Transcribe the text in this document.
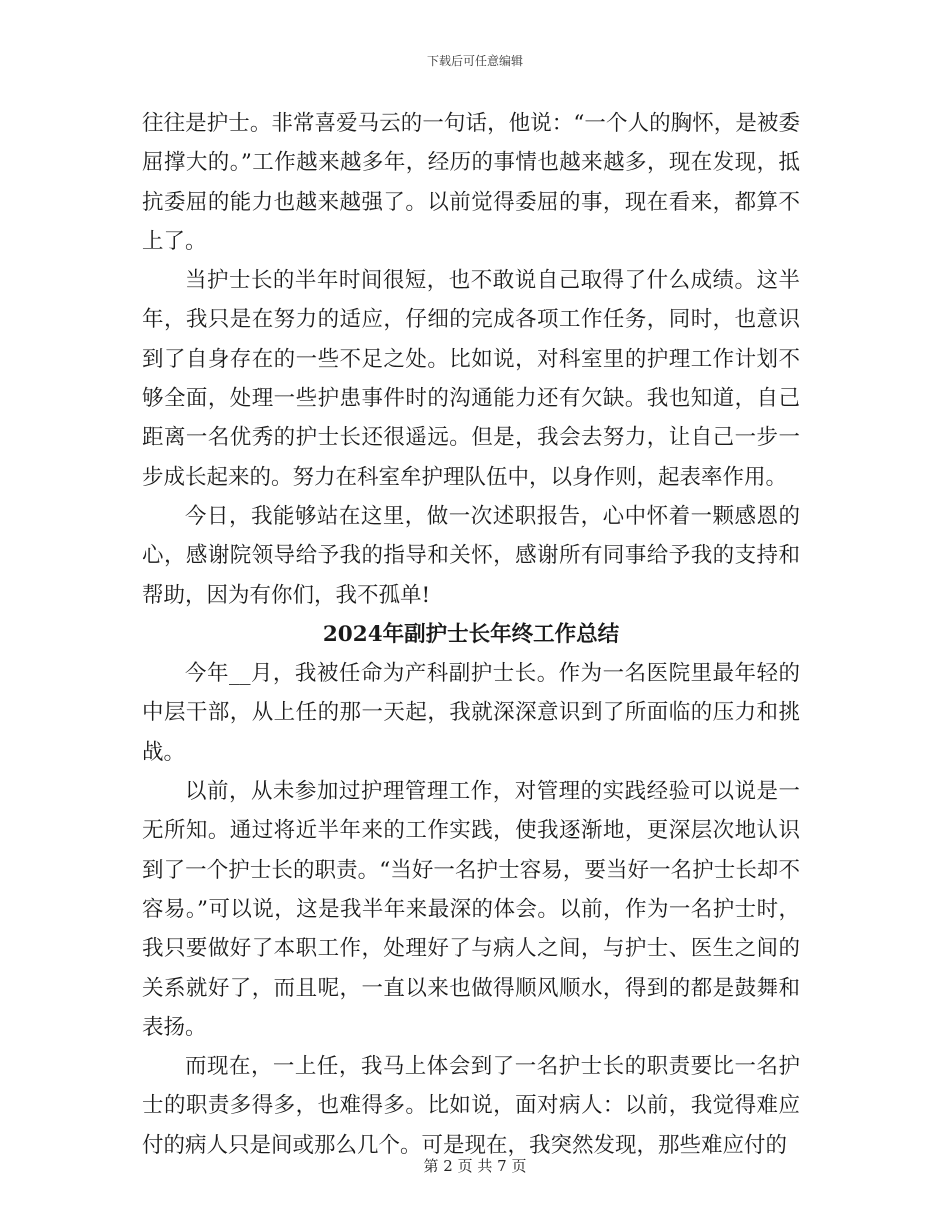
下载后可任意编辑

往往是护士。非常喜爱马云的一句话，他说：“一个人的胸怀，是被委屈撑大的。”工作越来越多年，经历的事情也越来越多，现在发现，抵抗委屈的能力也越来越强了。以前觉得委屈的事，现在看来，都算不上了。

当护士长的半年时间很短，也不敢说自己取得了什么成绩。这半年，我只是在努力的适应，仔细的完成各项工作任务，同时，也意识到了自身存在的一些不足之处。比如说，对科室里的护理工作计划不够全面，处理一些护患事件时的沟通能力还有欠缺。我也知道，自己距离一名优秀的护士长还很遥远。但是，我会去努力，让自己一步一步成长起来的。努力在科室牟护理队伍中，以身作则，起表率作用。

今日，我能够站在这里，做一次述职报告，心中怀着一颗感恩的心，感谢院领导给予我的指导和关怀，感谢所有同事给予我的支持和帮助，因为有你们，我不孤单!

2024年副护士长年终工作总结

今年__月，我被任命为产科副护士长。作为一名医院里最年轻的中层干部，从上任的那一天起，我就深深意识到了所面临的压力和挑战。

以前，从未参加过护理管理工作，对管理的实践经验可以说是一无所知。通过将近半年来的工作实践，使我逐渐地，更深层次地认识到了一个护士长的职责。“当好一名护士容易，要当好一名护士长却不容易。”可以说，这是我半年来最深的体会。以前，作为一名护士时，我只要做好了本职工作，处理好了与病人之间，与护士、医生之间的关系就好了，而且呢，一直以来也做得顺风顺水，得到的都是鼓舞和表扬。

而现在，一上任，我马上体会到了一名护士长的职责要比一名护士的职责多得多，也难得多。比如说，面对病人：以前，我觉得难应付的病人只是间或那么几个。可是现在，我突然发现，那些难应付的

第 2 页 共 7 页
